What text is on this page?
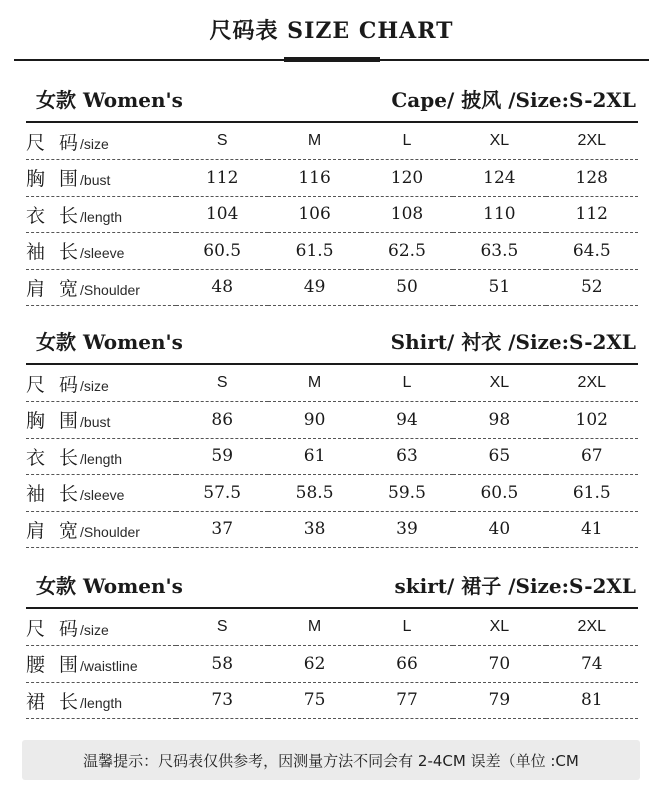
尺码表 SIZE CHART
女款 Women's	Cape/ 披风 /Size:S-2XL
尺 码 /size	S	M	L	XL	2XL
胸 围 /bust	112	116	120	124	128
衣 长 /length	104	106	108	110	112
袖 长 /sleeve	60.5	61.5	62.5	63.5	64.5
肩 宽 /Shoulder	48	49	50	51	52
女款 Women's	Shirt/ 衬衣 /Size:S-2XL
尺 码 /size	S	M	L	XL	2XL
胸 围 /bust	86	90	94	98	102
衣 长 /length	59	61	63	65	67
袖 长 /sleeve	57.5	58.5	59.5	60.5	61.5
肩 宽 /Shoulder	37	38	39	40	41
女款 Women's	skirt/ 裙子 /Size:S-2XL
尺 码 /size	S	M	L	XL	2XL
腰 围 /waistline	58	62	66	70	74
裙 长 /length	73	75	77	79	81
温馨提示：尺码表仅供参考，因测量方法不同会有 2-4CM 误差（单位 :CM
